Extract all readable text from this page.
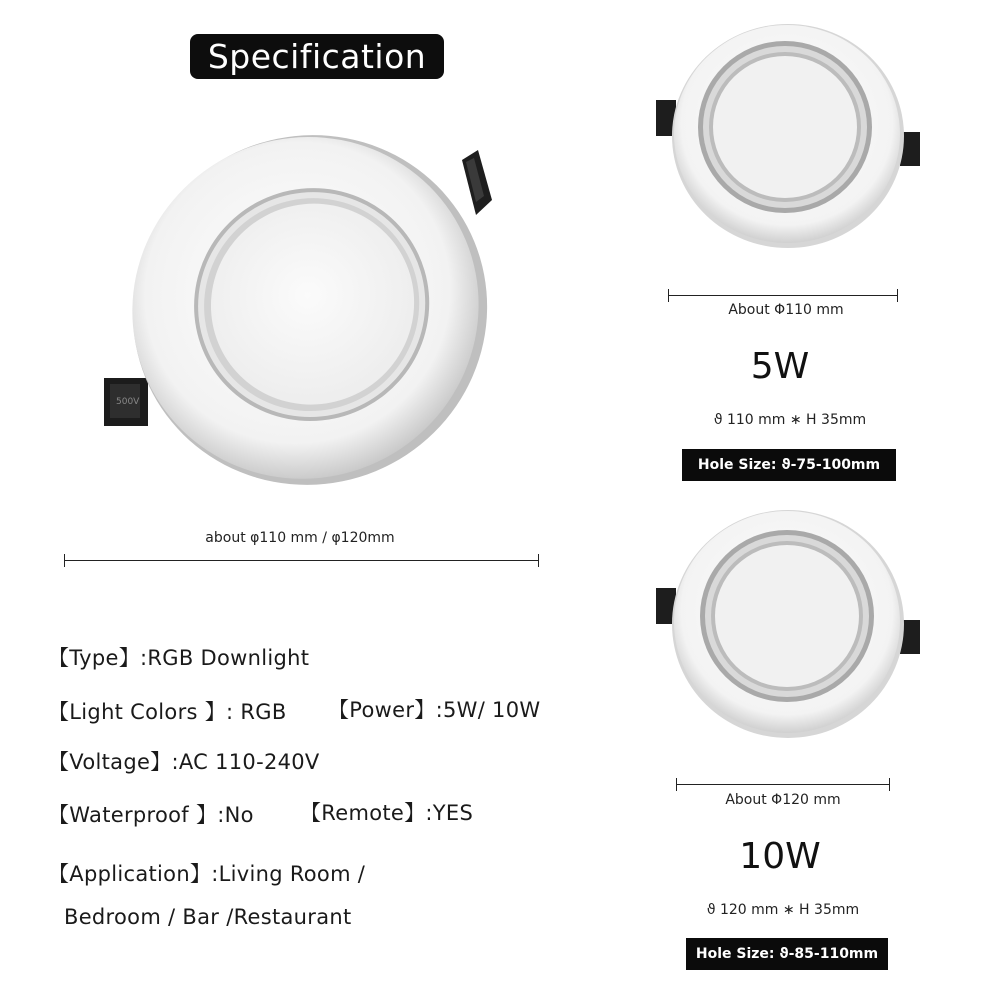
Specification
500V
about φ110 mm / φ120mm
About Φ110 mm
5W
ϑ 110 mm ∗ H 35mm
Hole Size: ϑ-75-100mm
About Φ120 mm
10W
ϑ 120 mm ∗ H 35mm
Hole Size: ϑ-85-110mm
【Type】:RGB Downlight
【Light Colors 】: RGB 【Power】:5W/ 10W
【Voltage】:AC 110-240V
【Waterproof 】:No 【Remote】:YES
【Application】:Living Room /
Bedroom / Bar /Restaurant
